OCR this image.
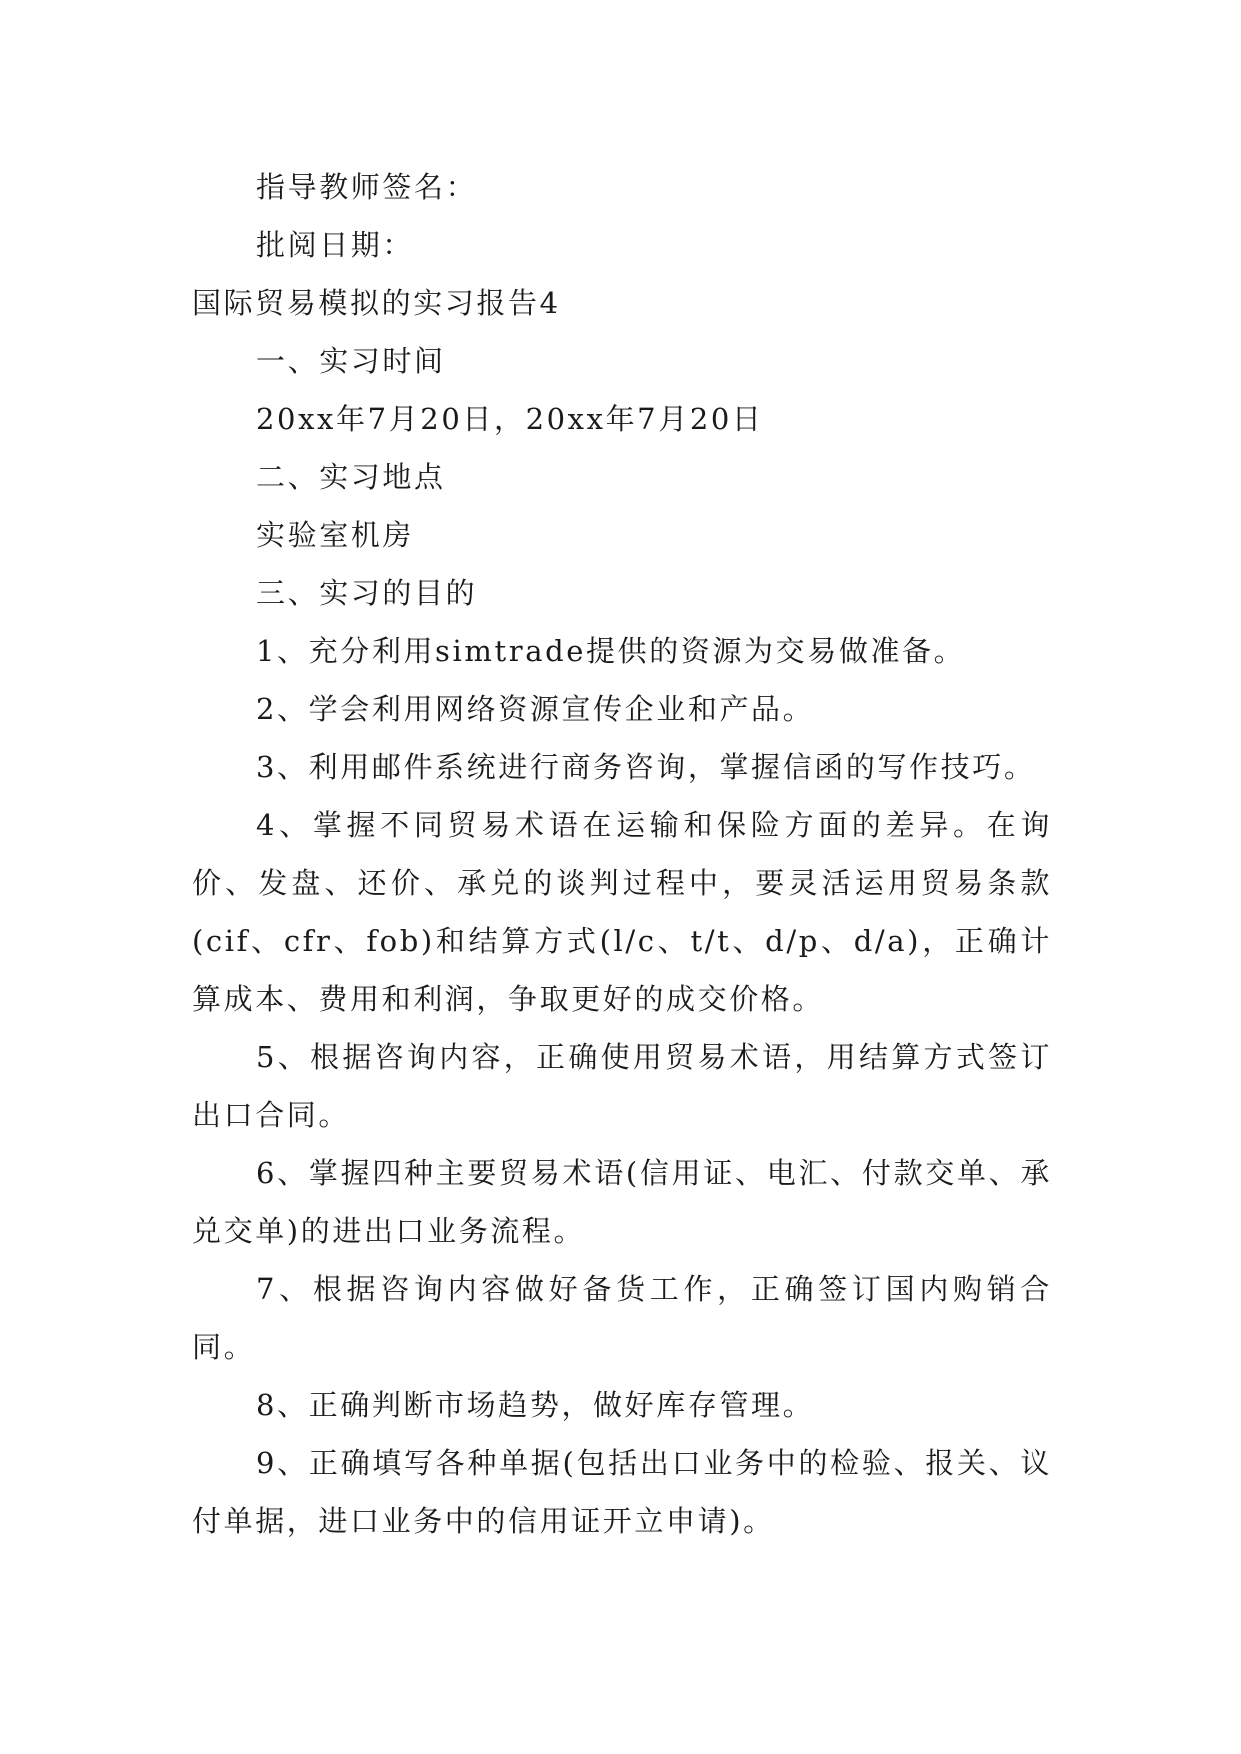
指导教师签名：

批阅日期：

国际贸易模拟的实习报告4

一、实习时间

20xx年7月20日，20xx年7月20日

二、实习地点

实验室机房

三、实习的目的

1、充分利用simtrade提供的资源为交易做准备。

2、学会利用网络资源宣传企业和产品。

3、利用邮件系统进行商务咨询，掌握信函的写作技巧。

4、掌握不同贸易术语在运输和保险方面的差异。在询价、发盘、还价、承兑的谈判过程中，要灵活运用贸易条款(cif、cfr、fob)和结算方式(l/c、t/t、d/p、d/a)，正确计算成本、费用和利润，争取更好的成交价格。

5、根据咨询内容，正确使用贸易术语，用结算方式签订出口合同。

6、掌握四种主要贸易术语(信用证、电汇、付款交单、承兑交单)的进出口业务流程。

7、根据咨询内容做好备货工作，正确签订国内购销合同。

8、正确判断市场趋势，做好库存管理。

9、正确填写各种单据(包括出口业务中的检验、报关、议付单据，进口业务中的信用证开立申请)。
